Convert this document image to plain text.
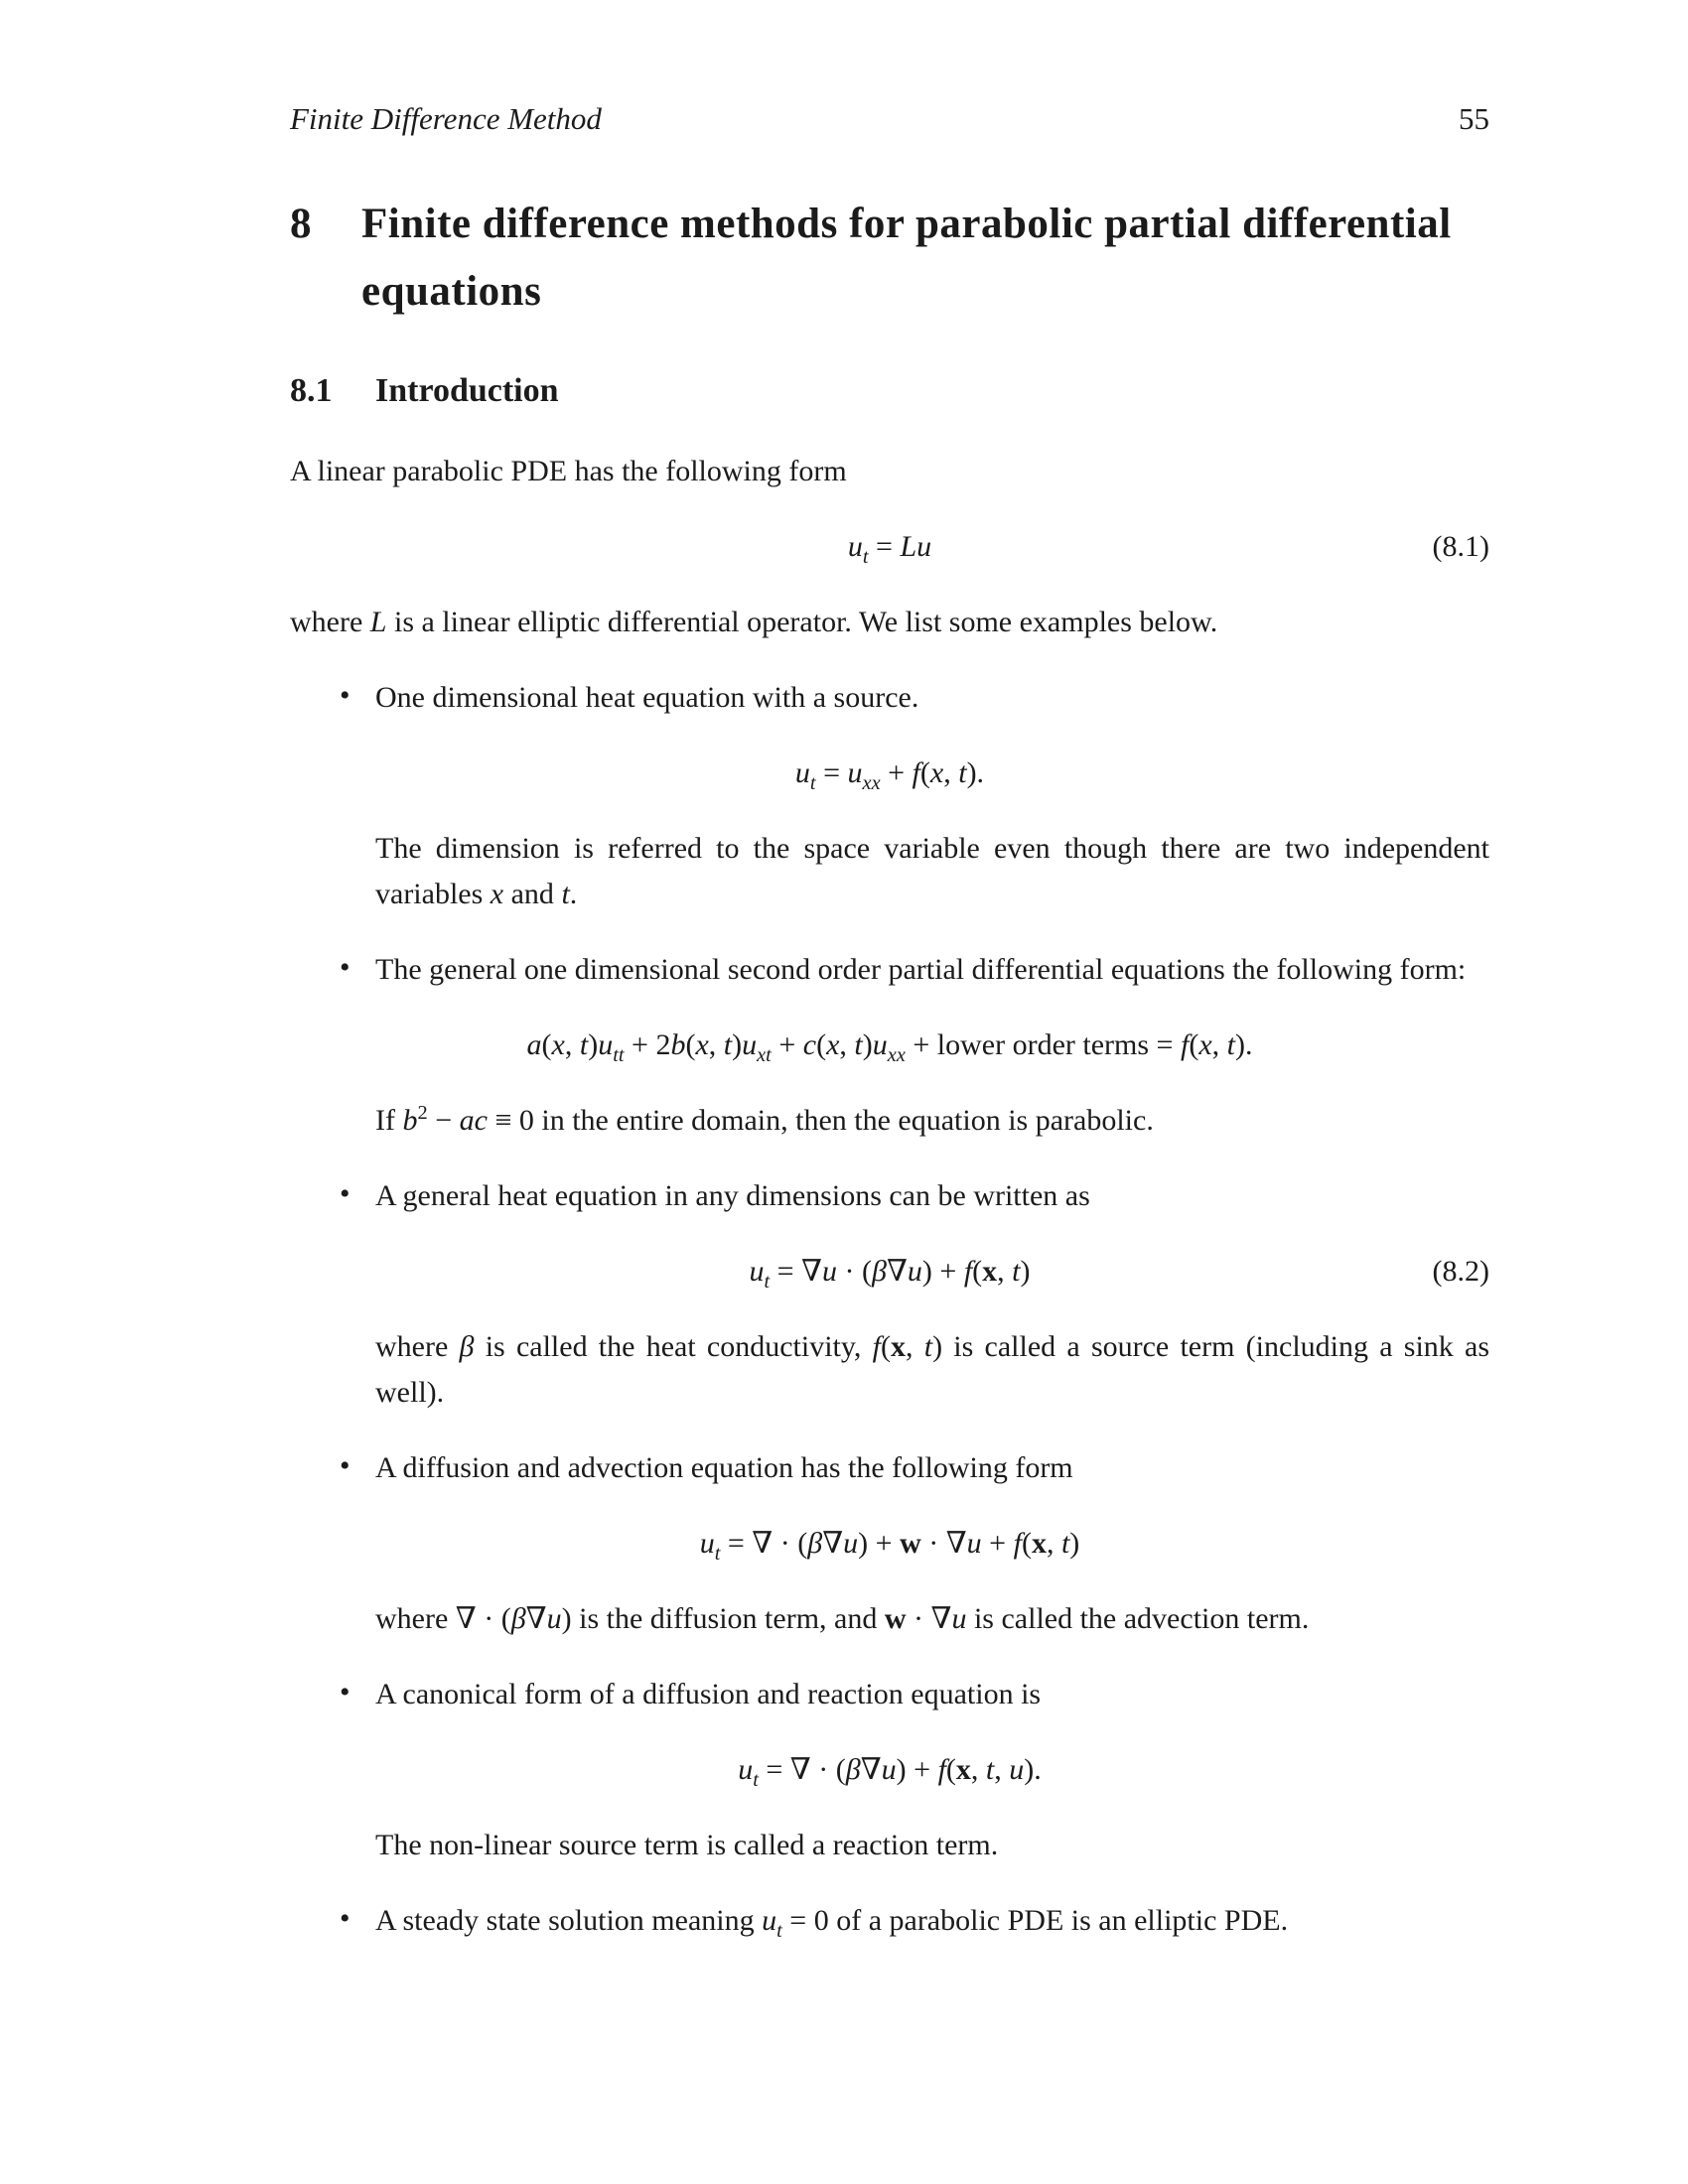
Finite Difference Method	55
8	Finite difference methods for parabolic partial differential
equations
8.1	Introduction
A linear parabolic PDE has the following form
$u_t = Lu$	(8.1)
where L is a linear elliptic differential operator. We list some examples below.
• One dimensional heat equation with a source.
$u_t = u_{xx} + f(x$, t).
The dimension is referred to the space variable even though there are two independent variables x and t.
• The general one dimensional second order partial differential equations the following form:
a(x, $t)u_{tt} + 2b(x$, $t)u_{xt} + c(x$, $t)u_{xx}$ + lower order terms = f(x, t).
If $b^2$ − ac ≡ 0 in the entire domain, then the equation is parabolic.
• A general heat equation in any dimensions can be written as
$u_t = \nabla u \cdot (\beta\nabla u) + f(x$, t)	(8.2)
where β is called the heat conductivity, f(x, t) is called a source term (including a sink as well).
• A diffusion and advection equation has the following form
$u_t$ = ∇ · (β∇u) + w · ∇u + f(x, t)
where ∇ · (β∇u) is the diffusion term, and w · ∇u is called the advection term.
• A canonical form of a diffusion and reaction equation is
$u_t$ = ∇ · (β∇u) + f(x, t, u).
The non-linear source term is called a reaction term.
• A steady state solution meaning $u_t = 0$ of a parabolic PDE is an elliptic PDE.
